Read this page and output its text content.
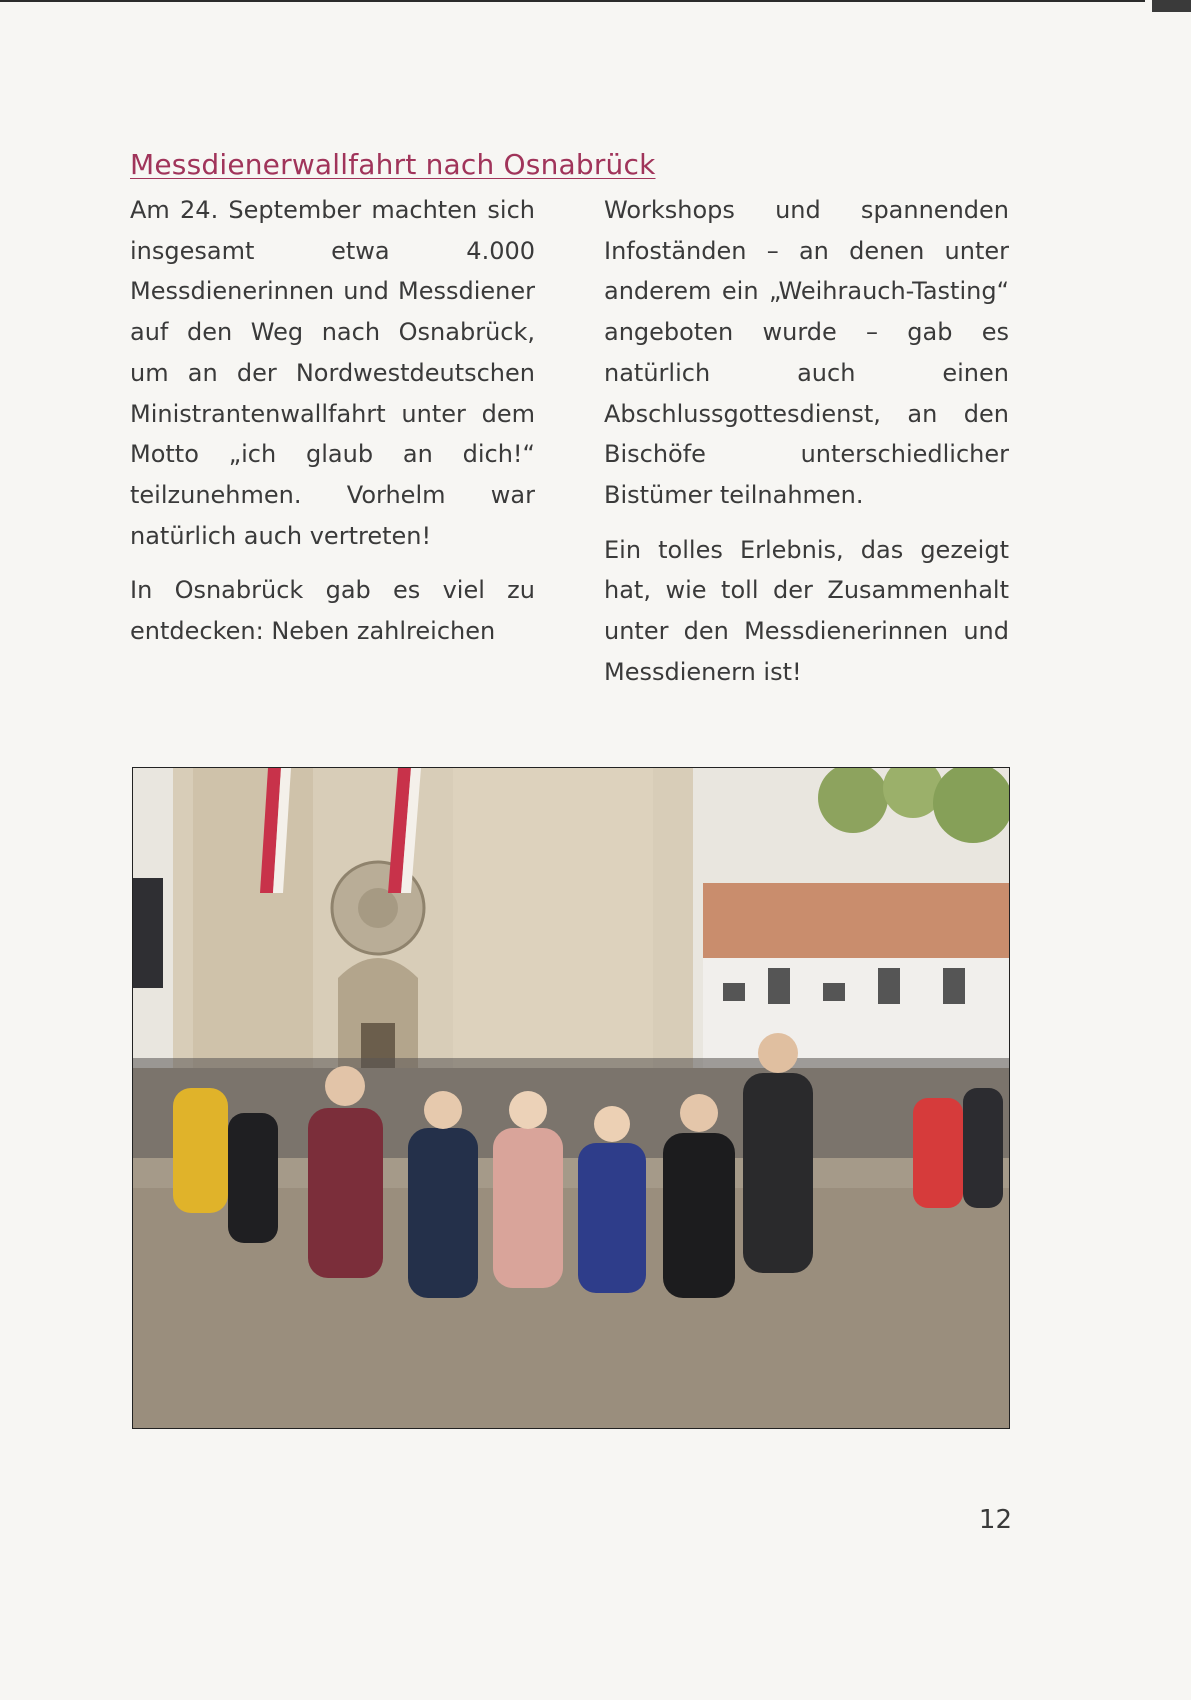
Messdienerwallfahrt nach Osnabrück

Am 24. September machten sich insgesamt etwa 4.000 Messdienerinnen und Messdiener auf den Weg nach Osnabrück, um an der Nordwestdeutschen Ministrantenwallfahrt unter dem Motto „ich glaub an dich!“ teilzunehmen. Vorhelm war natürlich auch vertreten!

In Osnabrück gab es viel zu entdecken: Neben zahlreichen

Workshops und spannenden Infoständen – an denen unter anderem ein „Weihrauch-Tasting“ angeboten wurde – gab es natürlich auch einen Abschlussgottesdienst, an den Bischöfe unterschiedlicher Bistümer teilnahmen.

Ein tolles Erlebnis, das gezeigt hat, wie toll der Zusammenhalt unter den Messdienerinnen und Messdienern ist!

12
